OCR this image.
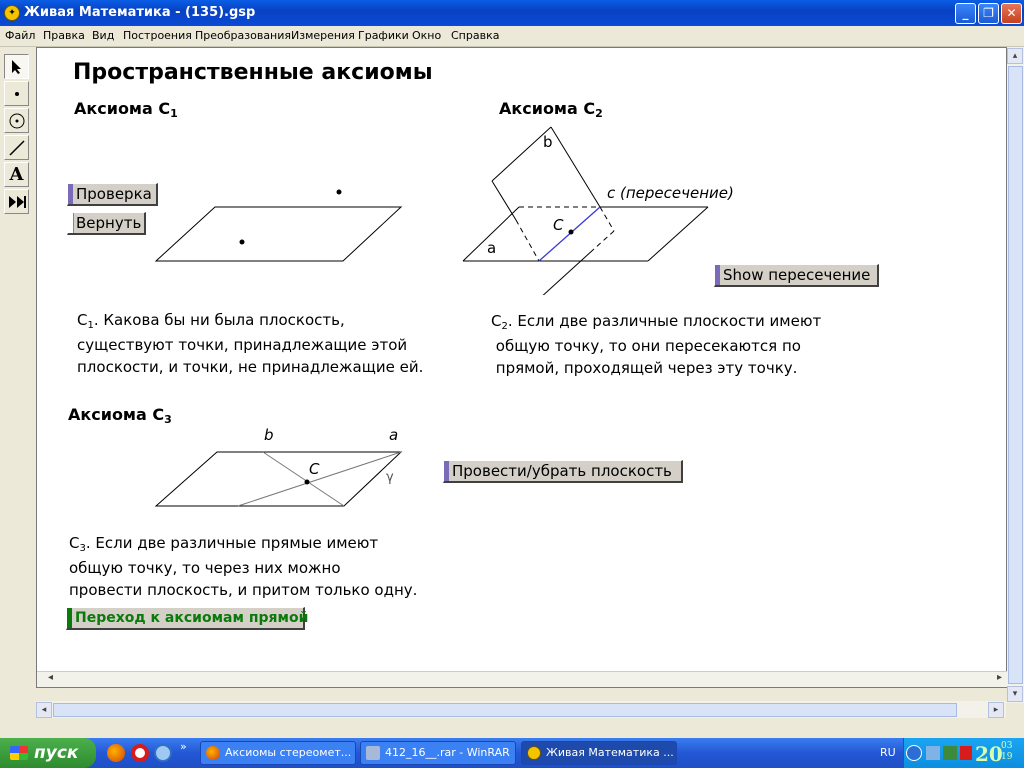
✦ Живая Математика - (135).gsp	_	❐	✕
Файл Правка Вид Построения Преобразования Измерения Графики Окно Справка
A
Пространственные аксиомы
Аксиома С1
Проверка
Вернуть
$С_1$. Какова бы ни была плоскость,
существуют точки, принадлежащие этой
плоскости, и точки, не принадлежащие ей.
Аксиома С2
b
c (пересечение)
C
a
Show пересечение
$С_2$. Если две различные плоскости имеют
общую точку, то они пересекаются по
прямой, проходящей через эту точку.
Аксиома С3
b	a
C	γ	Провести/убрать плоскость
$С_3$. Если две различные прямые имеют
общую точку, то через них можно
провести плоскость, и притом только одну.
Переход к аксиомам прямой
◂	▸
▴
▾
◂	▸
пуск	»	Аксиомы стереомет...	412_16__.rar - WinRAR	Живая Математика ...	RU	20
03
19
